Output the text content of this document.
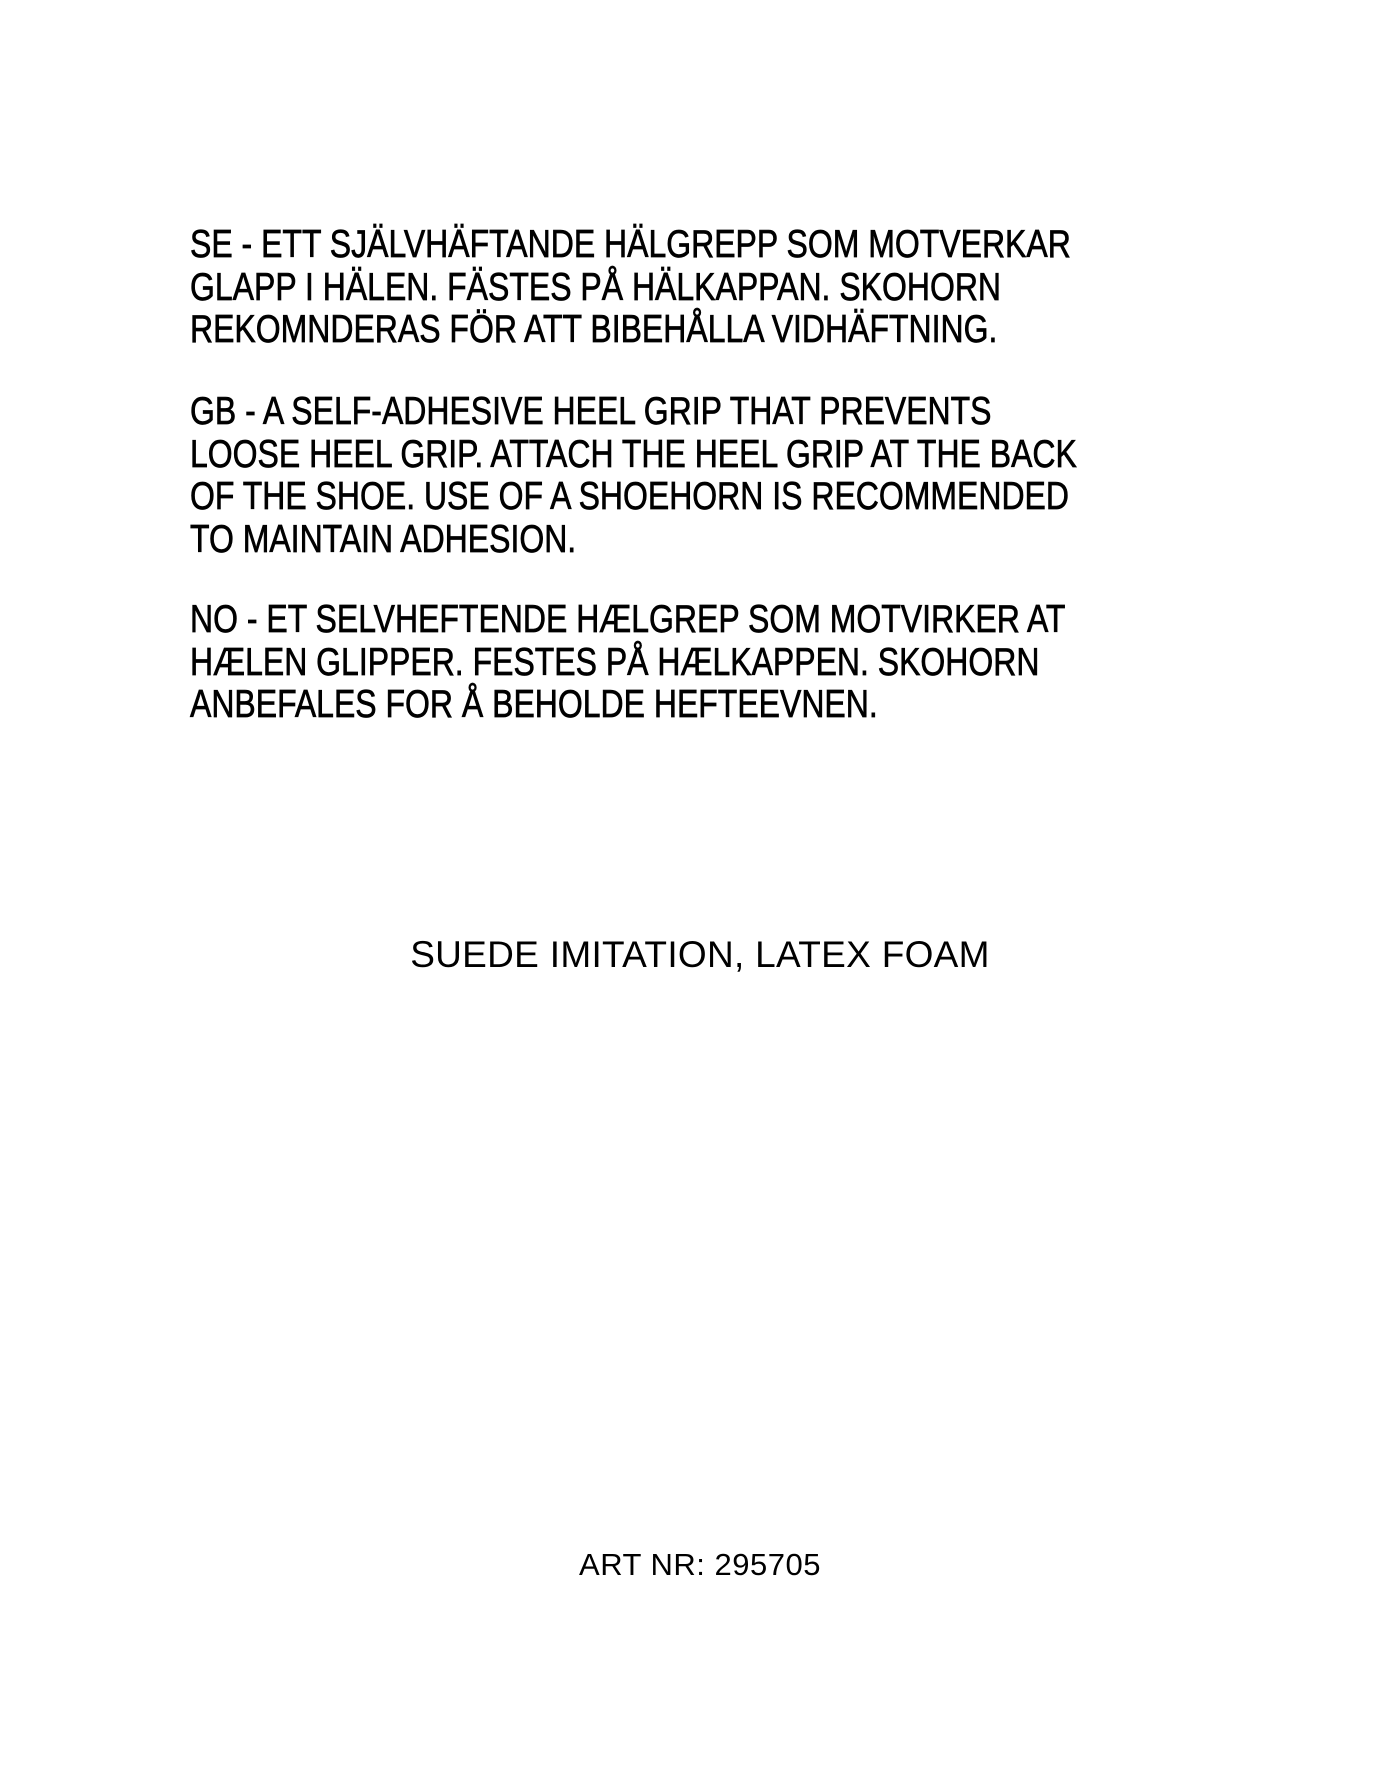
SE - ETT SJÄLVHÄFTANDE HÄLGREPP SOM MOTVERKAR
GLAPP I HÄLEN. FÄSTES PÅ HÄLKAPPAN. SKOHORN
REKOMNDERAS FÖR ATT BIBEHÅLLA VIDHÄFTNING.
GB - A SELF-ADHESIVE HEEL GRIP THAT PREVENTS
LOOSE HEEL GRIP. ATTACH THE HEEL GRIP AT THE BACK
OF THE SHOE. USE OF A SHOEHORN IS RECOMMENDED
TO MAINTAIN ADHESION.
NO - ET SELVHEFTENDE HÆLGREP SOM MOTVIRKER AT
HÆLEN GLIPPER. FESTES PÅ HÆLKAPPEN. SKOHORN
ANBEFALES FOR Å BEHOLDE HEFTEEVNEN.
SUEDE IMITATION, LATEX FOAM
ART NR: 295705
